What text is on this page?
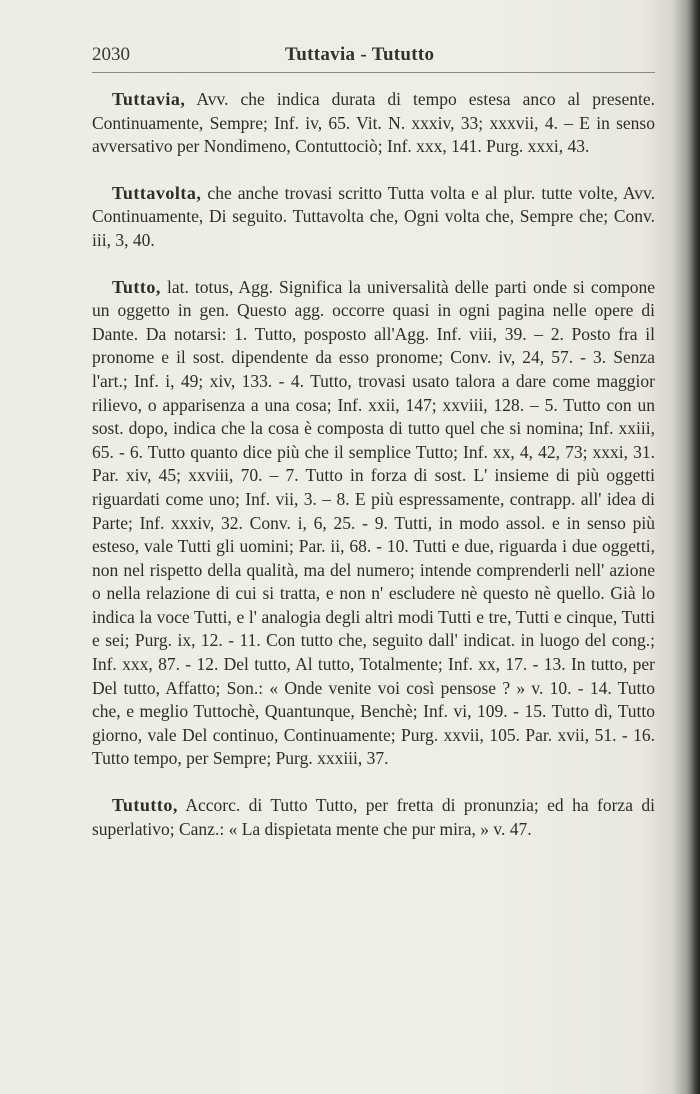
2030	Tuttavia - Tututto

Tuttavia, Avv. che indica durata di tempo estesa anco al presente. Continuamente, Sempre; Inf. iv, 65. Vit. N. xxxiv, 33; xxxvii, 4. – E in senso avversativo per Nondimeno, Contuttociò; Inf. xxx, 141. Purg. xxxi, 43.

Tuttavolta, che anche trovasi scritto Tutta volta e al plur. tutte volte, Avv. Continuamente, Di seguito. Tuttavolta che, Ogni volta che, Sempre che; Conv. iii, 3, 40.

Tutto, lat. totus, Agg. Significa la universalità delle parti onde si compone un oggetto in gen. Questo agg. occorre quasi in ogni pagina nelle opere di Dante. Da notarsi: 1. Tutto, posposto all'Agg. Inf. viii, 39. – 2. Posto fra il pronome e il sost. dipendente da esso pronome; Conv. iv, 24, 57. - 3. Senza l'art.; Inf. i, 49; xiv, 133. - 4. Tutto, trovasi usato talora a dare come maggior rilievo, o apparisenza a una cosa; Inf. xxii, 147; xxviii, 128. – 5. Tutto con un sost. dopo, indica che la cosa è composta di tutto quel che si nomina; Inf. xxiii, 65. - 6. Tutto quanto dice più che il semplice Tutto; Inf. xx, 4, 42, 73; xxxi, 31. Par. xiv, 45; xxviii, 70. – 7. Tutto in forza di sost. L' insieme di più oggetti riguardati come uno; Inf. vii, 3. – 8. E più espressamente, contrapp. all' idea di Parte; Inf. xxxiv, 32. Conv. i, 6, 25. - 9. Tutti, in modo assol. e in senso più esteso, vale Tutti gli uomini; Par. ii, 68. - 10. Tutti e due, riguarda i due oggetti, non nel rispetto della qualità, ma del numero; intende comprenderli nell' azione o nella relazione di cui si tratta, e non n' escludere nè questo nè quello. Già lo indica la voce Tutti, e l' analogia degli altri modi Tutti e tre, Tutti e cinque, Tutti e sei; Purg. ix, 12. - 11. Con tutto che, seguito dall' indicat. in luogo del cong.; Inf. xxx, 87. - 12. Del tutto, Al tutto, Totalmente; Inf. xx, 17. - 13. In tutto, per Del tutto, Affatto; Son.: « Onde venite voi così pensose ? » v. 10. - 14. Tutto che, e meglio Tuttochè, Quantunque, Benchè; Inf. vi, 109. - 15. Tutto dì, Tutto giorno, vale Del continuo, Continuamente; Purg. xxvii, 105. Par. xvii, 51. - 16. Tutto tempo, per Sempre; Purg. xxxiii, 37.

Tututto, Accorc. di Tutto Tutto, per fretta di pronunzia; ed ha forza di superlativo; Canz.: « La dispietata mente che pur mira, » v. 47.
